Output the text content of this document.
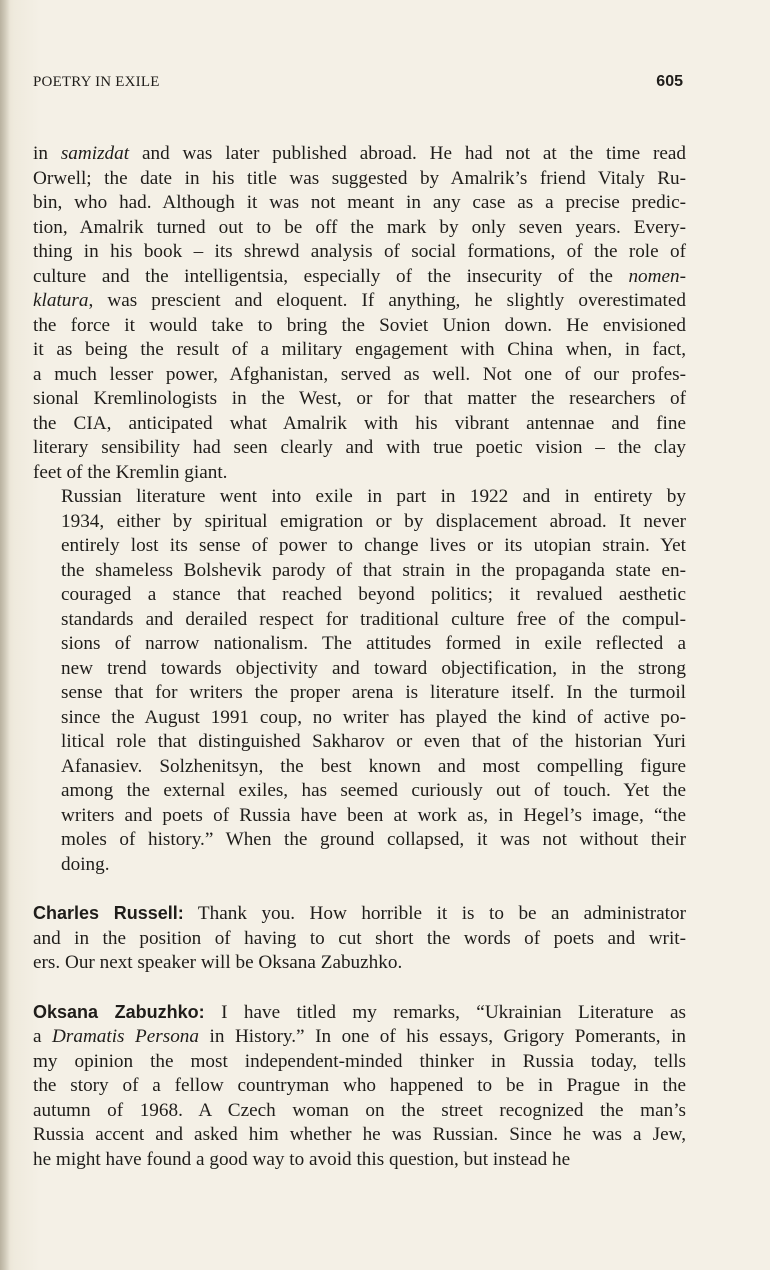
POETRY IN EXILE	605

in samizdat and was later published abroad. He had not at the time read
Orwell; the date in his title was suggested by Amalrik’s friend Vitaly Ru-
bin, who had. Although it was not meant in any case as a precise predic-
tion, Amalrik turned out to be off the mark by only seven years. Every-
thing in his book – its shrewd analysis of social formations, of the role of
culture and the intelligentsia, especially of the insecurity of the nomen-
klatura, was prescient and eloquent. If anything, he slightly overestimated
the force it would take to bring the Soviet Union down. He envisioned
it as being the result of a military engagement with China when, in fact,
a much lesser power, Afghanistan, served as well. Not one of our profes-
sional Kremlinologists in the West, or for that matter the researchers of
the CIA, anticipated what Amalrik with his vibrant antennae and fine
literary sensibility had seen clearly and with true poetic vision – the clay
feet of the Kremlin giant.

Russian literature went into exile in part in 1922 and in entirety by
1934, either by spiritual emigration or by displacement abroad. It never
entirely lost its sense of power to change lives or its utopian strain. Yet
the shameless Bolshevik parody of that strain in the propaganda state en-
couraged a stance that reached beyond politics; it revalued aesthetic
standards and derailed respect for traditional culture free of the compul-
sions of narrow nationalism. The attitudes formed in exile reflected a
new trend towards objectivity and toward objectification, in the strong
sense that for writers the proper arena is literature itself. In the turmoil
since the August 1991 coup, no writer has played the kind of active po-
litical role that distinguished Sakharov or even that of the historian Yuri
Afanasiev. Solzhenitsyn, the best known and most compelling figure
among the external exiles, has seemed curiously out of touch. Yet the
writers and poets of Russia have been at work as, in Hegel’s image, “the
moles of history.” When the ground collapsed, it was not without their
doing.

Charles Russell: Thank you. How horrible it is to be an administrator
and in the position of having to cut short the words of poets and writ-
ers. Our next speaker will be Oksana Zabuzhko.

Oksana Zabuzhko: I have titled my remarks, “Ukrainian Literature as
a Dramatis Persona in History.” In one of his essays, Grigory Pomerants, in
my opinion the most independent-minded thinker in Russia today, tells
the story of a fellow countryman who happened to be in Prague in the
autumn of 1968. A Czech woman on the street recognized the man’s
Russia accent and asked him whether he was Russian. Since he was a Jew,
he might have found a good way to avoid this question, but instead he
